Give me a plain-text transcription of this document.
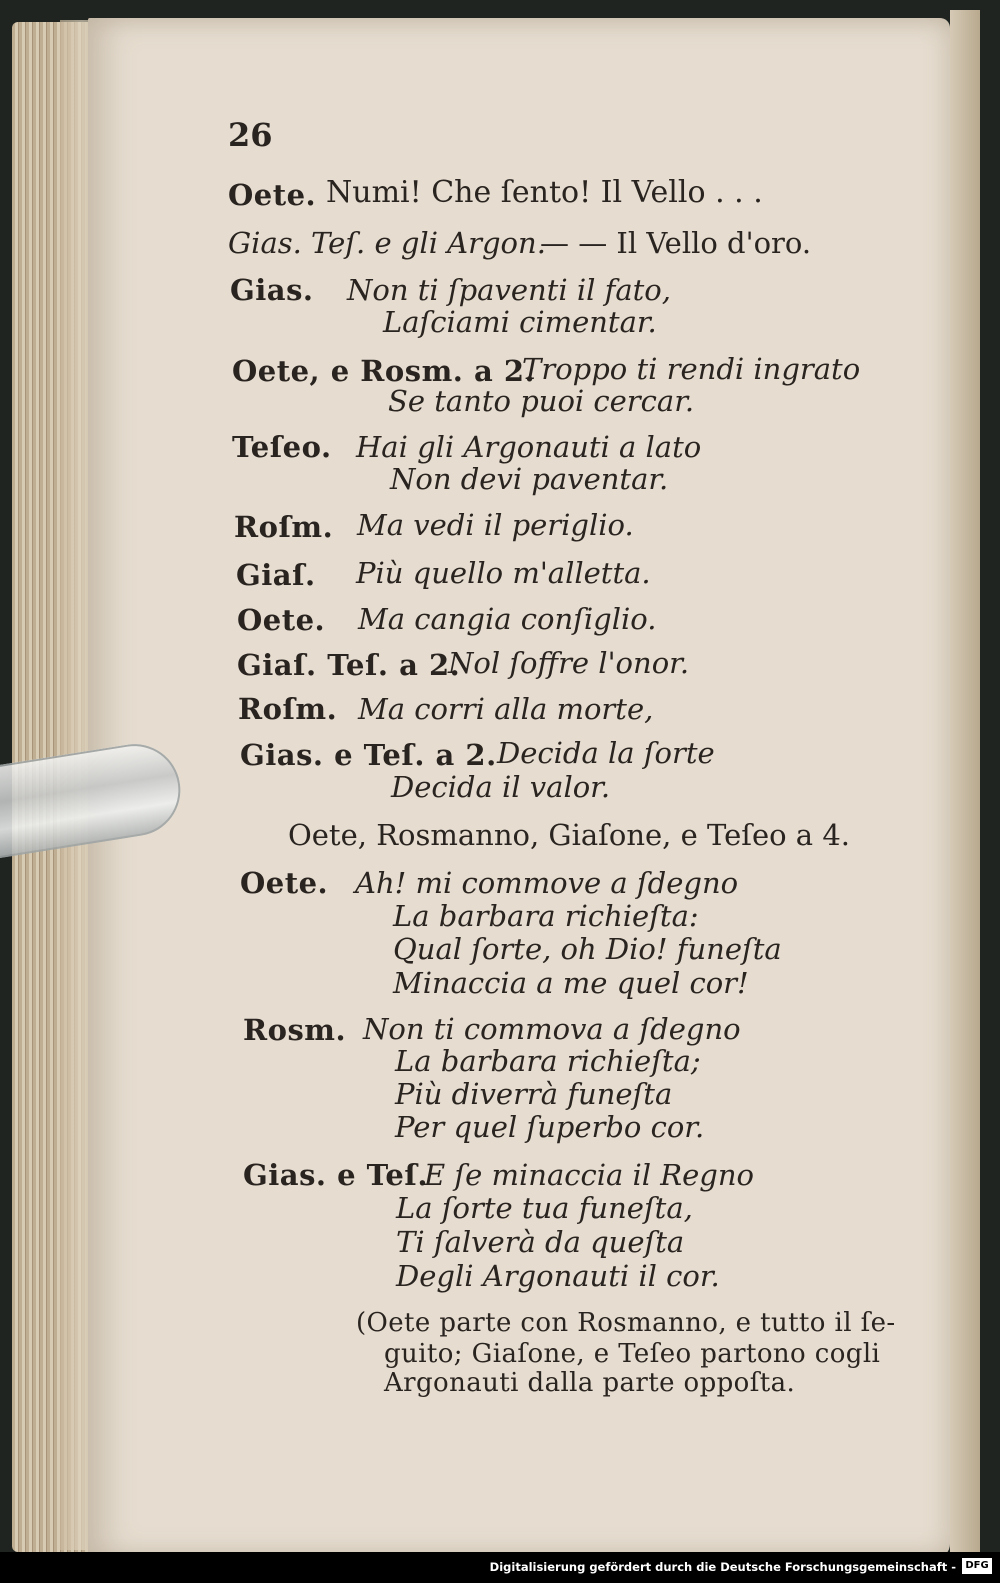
26
Oete. Numi! Che ſento! Il Vello . . .
Gias. Teſ. e gli Argon.
— — Il Vello d'oro.
Gias. Non ti ſpaventi il fato,
Laſciami cimentar.
Oete, e Rosm. a 2.
Troppo ti rendi ingrato
Se tanto puoi cercar.
Teſeo. Hai gli Argonauti a lato
Non devi paventar.
Roſm. Ma vedi il periglio.
Giaſ. Più quello m'alletta.
Oete. Ma cangia conſiglio.
Giaſ. Teſ. a 2.
Nol ſoffre l'onor.
Roſm. Ma corri alla morte,
Gias. e Teſ. a 2. Decida la ſorte
Decida il valor.
Oete, Rosmanno, Giaſone, e Teſeo a 4.
Oete. Ah! mi commove a ſdegno
La barbara richieſta:
Qual ſorte, oh Dio! funeſta
Minaccia a me quel cor!
Rosm. Non ti commova a ſdegno
La barbara richieſta;
Più diverrà funeſta
Per quel ſuperbo cor.
Gias. e Teſ.
E ſe minaccia il Regno
La ſorte tua funeſta,
Ti ſalverà da queſta
Degli Argonauti il cor.
(Oete parte con Rosmanno, e tutto il ſe-
guito; Giaſone, e Teſeo partono cogli
Argonauti dalla parte oppoſta.
Digitalisierung gefördert durch die Deutsche Forschungsgemeinschaft - DFG
